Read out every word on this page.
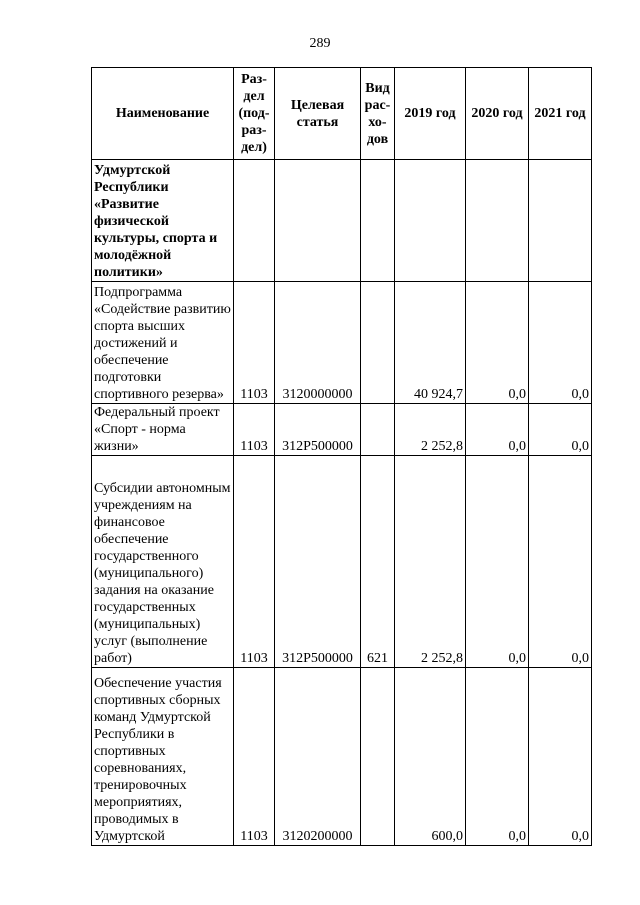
289
Наименование	Раз-
дел
(под-
раз-
дел)	Целевая
статья	Вид
рас-
хо-
дов	2019 год	2020 год	2021 год
Удмуртской Республики «Развитие физической культуры, спорта и молодёжной политики»						
Подпрограмма «Содействие развитию спорта высших достижений и обеспечение подготовки спортивного резерва»	1103	3120000000		40 924,7	0,0	0,0
Федеральный проект «Спорт - норма жизни»	1103	312P500000		2 252,8	0,0	0,0
Субсидии автономным учреждениям на финансовое обеспечение государственного (муниципального) задания на оказание государственных (муниципальных) услуг (выполнение работ)	1103	312P500000	621	2 252,8	0,0	0,0
Обеспечение участия спортивных сборных команд Удмуртской Республики в спортивных соревнованиях, тренировочных мероприятиях, проводимых в Удмуртской	1103	3120200000		600,0	0,0	0,0
